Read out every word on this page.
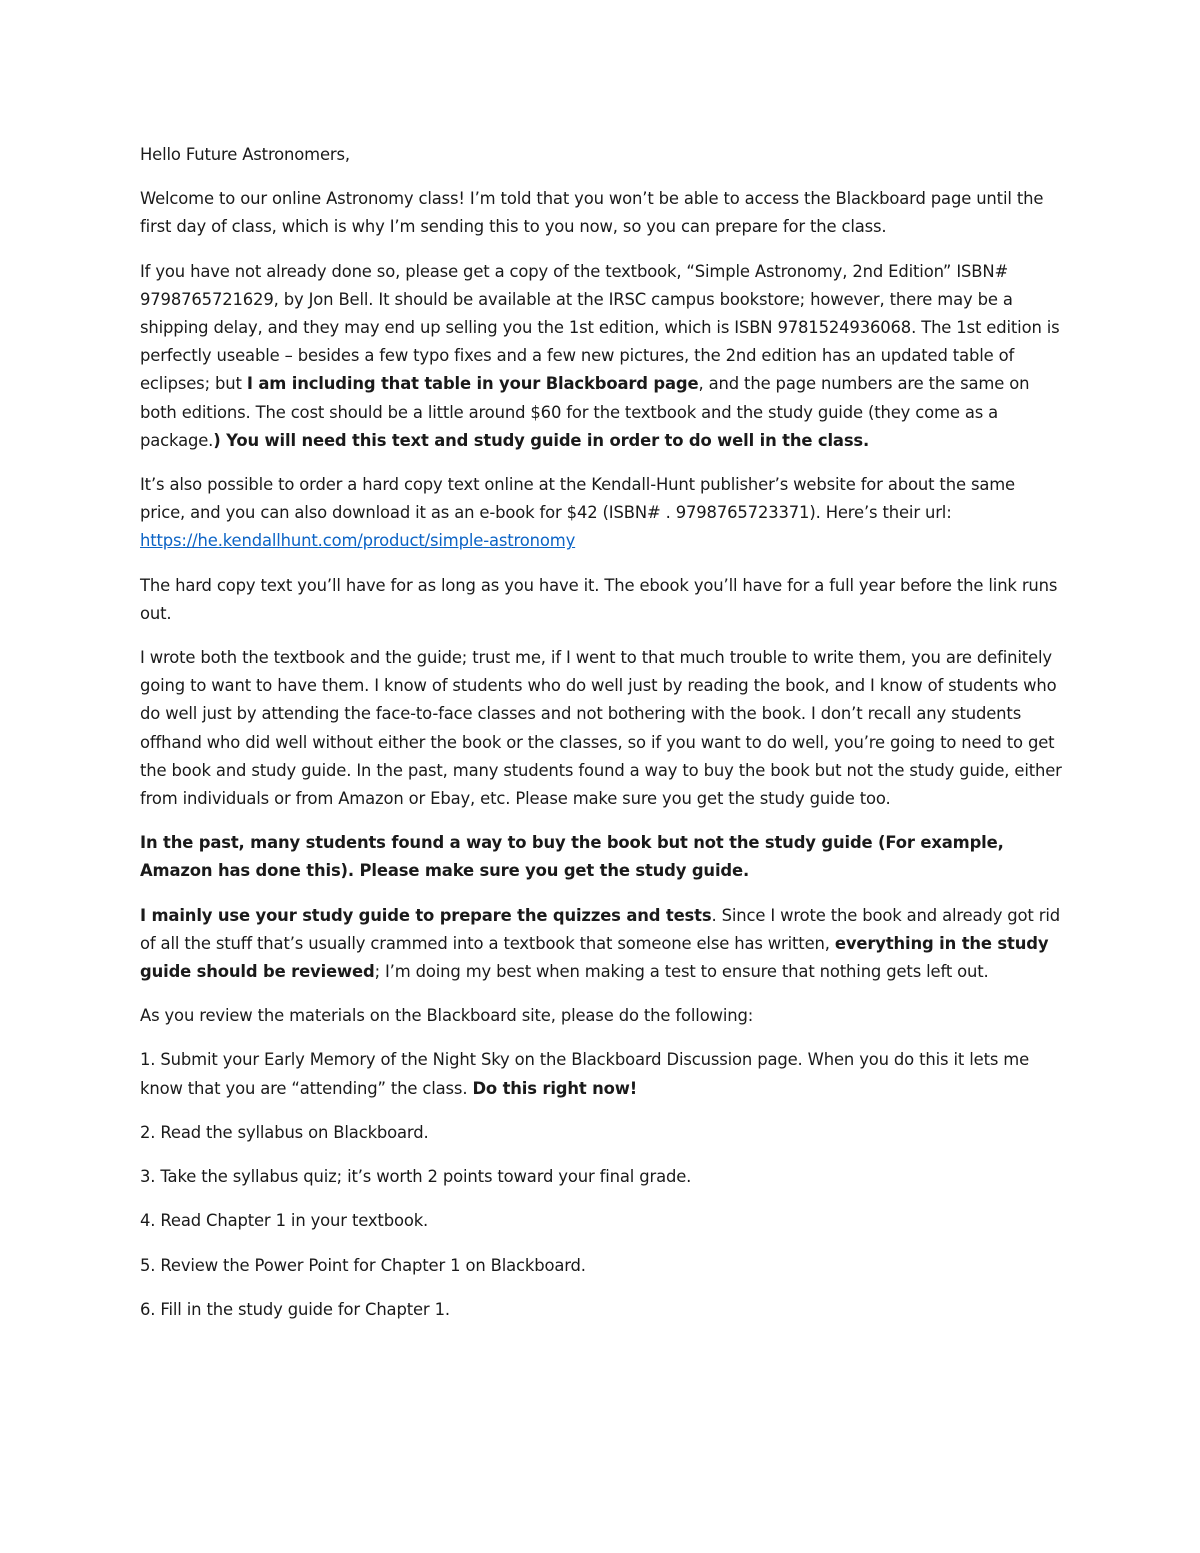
Hello Future Astronomers,

Welcome to our online Astronomy class! I’m told that you won’t be able to access the Blackboard page until the first day of class, which is why I’m sending this to you now, so you can prepare for the class.

If you have not already done so, please get a copy of the textbook, “Simple Astronomy, 2nd Edition” ISBN# 9798765721629, by Jon Bell. It should be available at the IRSC campus bookstore; however, there may be a shipping delay, and they may end up selling you the 1st edition, which is ISBN 9781524936068. The 1st edition is perfectly useable – besides a few typo fixes and a few new pictures, the 2nd edition has an updated table of eclipses; but I am including that table in your Blackboard page, and the page numbers are the same on both editions. The cost should be a little around $60 for the textbook and the study guide (they come as a package.) You will need this text and study guide in order to do well in the class.

It’s also possible to order a hard copy text online at the Kendall-Hunt publisher’s website for about the same price, and you can also download it as an e-book for $42 (ISBN# . 9798765723371). Here’s their url: https://he.kendallhunt.com/product/simple-astronomy

The hard copy text you’ll have for as long as you have it. The ebook you’ll have for a full year before the link runs out.

I wrote both the textbook and the guide; trust me, if I went to that much trouble to write them, you are definitely going to want to have them. I know of students who do well just by reading the book, and I know of students who do well just by attending the face-to-face classes and not bothering with the book. I don’t recall any students offhand who did well without either the book or the classes, so if you want to do well, you’re going to need to get the book and study guide. In the past, many students found a way to buy the book but not the study guide, either from individuals or from Amazon or Ebay, etc. Please make sure you get the study guide too.

In the past, many students found a way to buy the book but not the study guide (For example, Amazon has done this). Please make sure you get the study guide.

I mainly use your study guide to prepare the quizzes and tests. Since I wrote the book and already got rid of all the stuff that’s usually crammed into a textbook that someone else has written, everything in the study guide should be reviewed; I’m doing my best when making a test to ensure that nothing gets left out.

As you review the materials on the Blackboard site, please do the following:

1. Submit your Early Memory of the Night Sky on the Blackboard Discussion page. When you do this it lets me know that you are “attending” the class. Do this right now!

2. Read the syllabus on Blackboard.

3. Take the syllabus quiz; it’s worth 2 points toward your final grade.

4. Read Chapter 1 in your textbook.

5. Review the Power Point for Chapter 1 on Blackboard.

6. Fill in the study guide for Chapter 1.
